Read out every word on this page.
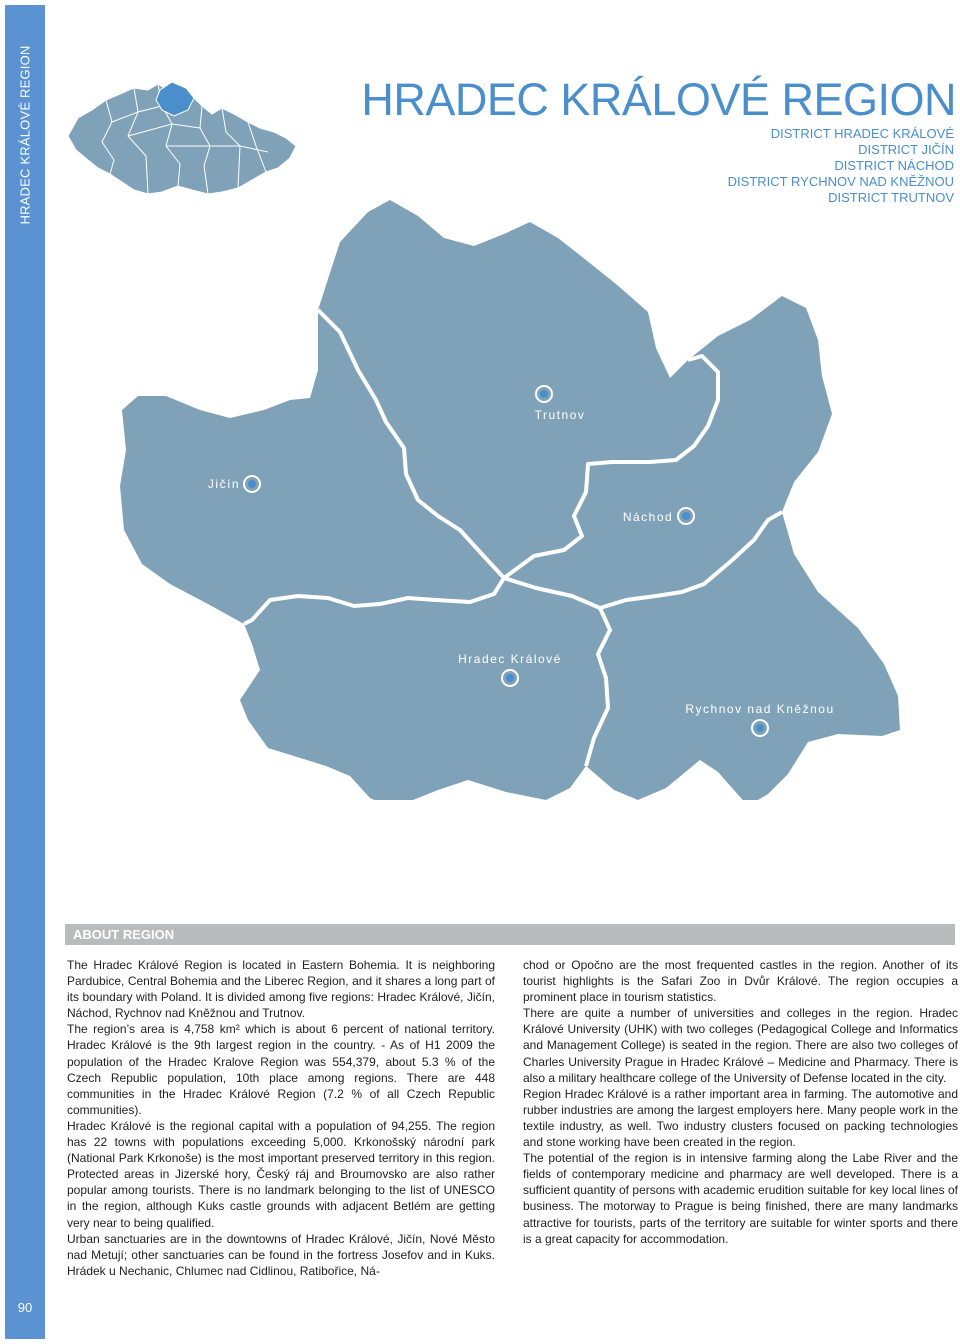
HRADEC KRÁLOVÉ REGION
90
HRADEC KRÁLOVÉ REGION
DISTRICT HRADEC KRÁLOVÉ
DISTRICT JIČÍN
DISTRICT NÁCHOD
DISTRICT RYCHNOV NAD KNĚŽNOU
DISTRICT TRUTNOV
Trutnov
Jičín
Náchod
Hradec Králové
Rychnov nad Kněžnou
ABOUT REGION

The Hradec Králové Region is located in Eastern Bohemia. It is neighboring Pardubice, Central Bohemia and the Liberec Region, and it shares a long part of its boundary with Poland. It is divided among five regions: Hradec Králové, Jičín, Náchod, Rychnov nad Kněžnou and Trutnov.

The region’s area is 4,758 km² which is about 6 percent of national territory. Hradec Králové is the 9th largest region in the country. - As of H1 2009 the population of the Hradec Kralove Region was 554,379, about 5.3 % of the Czech Republic population, 10th place among regions. There are 448 communities in the Hradec Králové Region (7.2 % of all Czech Republic communities).

Hradec Králové is the regional capital with a population of 94,255. The region has 22 towns with populations exceeding 5,000. Krkonošský národní park (National Park Krkonoše) is the most important preserved territory in this region. Protected areas in Jizerské hory, Český ráj and Broumovsko are also rather popular among tourists. There is no landmark belonging to the list of UNESCO in the region, although Kuks castle grounds with adjacent Betlém are getting very near to being qualified.

Urban sanctuaries are in the downtowns of Hradec Králové, Jičín, Nové Město nad Metují; other sanctuaries can be found in the fortress Josefov and in Kuks. Hrádek u Nechanic, Chlumec nad Cidlinou, Ratibořice, Ná-

chod or Opočno are the most frequented castles in the region. Another of its tourist highlights is the Safari Zoo in Dvůr Králové. The region occupies a prominent place in tourism statistics.

There are quite a number of universities and colleges in the region. Hradec Králové University (UHK) with two colleges (Pedagogical College and Informatics and Management College) is seated in the region. There are also two colleges of Charles University Prague in Hradec Králové – Medicine and Pharmacy. There is also a military healthcare college of the University of Defense located in the city.

Region Hradec Králové is a rather important area in farming. The automotive and rubber industries are among the largest employers here. Many people work in the textile industry, as well. Two industry clusters focused on packing technologies and stone working have been created in the region.

The potential of the region is in intensive farming along the Labe River and the fields of contemporary medicine and pharmacy are well developed. There is a sufficient quantity of persons with academic erudition suitable for key local lines of business. The motorway to Prague is being finished, there are many landmarks attractive for tourists, parts of the territory are suitable for winter sports and there is a great capacity for accommodation.
